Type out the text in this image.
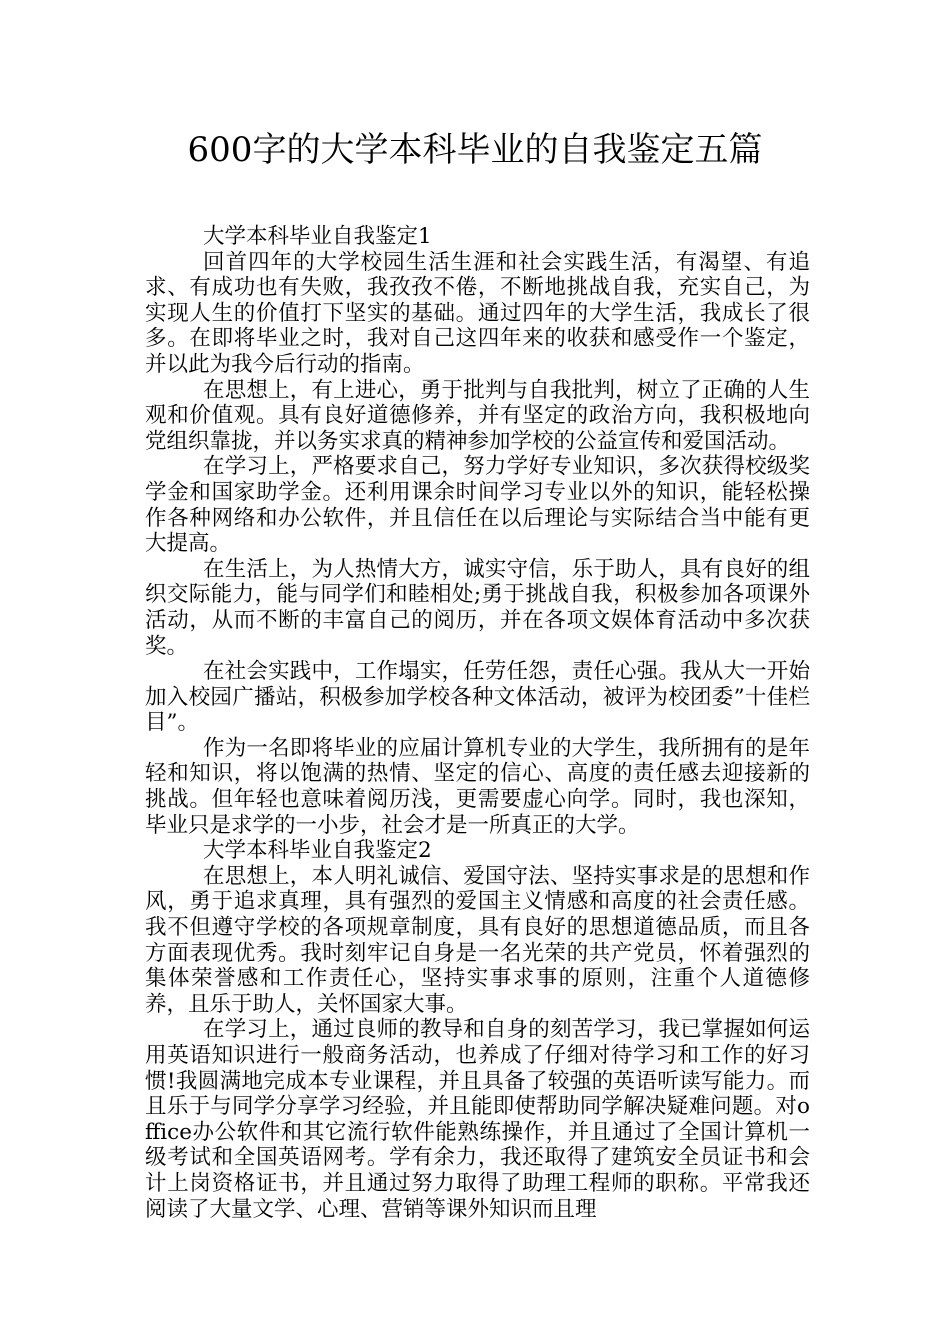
600字的大学本科毕业的自我鉴定五篇

大学本科毕业自我鉴定1

回首四年的大学校园生活生涯和社会实践生活，有渴望、有追求、有成功也有失败，我孜孜不倦，不断地挑战自我，充实自己，为实现人生的价值打下坚实的基础。通过四年的大学生活，我成长了很多。在即将毕业之时，我对自己这四年来的收获和感受作一个鉴定，并以此为我今后行动的指南。

在思想上，有上进心，勇于批判与自我批判，树立了正确的人生观和价值观。具有良好道德修养，并有坚定的政治方向，我积极地向党组织靠拢，并以务实求真的精神参加学校的公益宣传和爱国活动。

在学习上，严格要求自己，努力学好专业知识，多次获得校级奖学金和国家助学金。还利用课余时间学习专业以外的知识，能轻松操作各种网络和办公软件，并且信任在以后理论与实际结合当中能有更大提高。

在生活上，为人热情大方，诚实守信，乐于助人，具有良好的组织交际能力，能与同学们和睦相处;勇于挑战自我，积极参加各项课外活动，从而不断的丰富自己的阅历，并在各项文娱体育活动中多次获奖。

在社会实践中，工作塌实，任劳任怨，责任心强。我从大一开始加入校园广播站，积极参加学校各种文体活动，被评为校团委”十佳栏目”。

作为一名即将毕业的应届计算机专业的大学生，我所拥有的是年轻和知识，将以饱满的热情、坚定的信心、高度的责任感去迎接新的挑战。但年轻也意味着阅历浅，更需要虚心向学。同时，我也深知，毕业只是求学的一小步，社会才是一所真正的大学。

大学本科毕业自我鉴定2

在思想上，本人明礼诚信、爱国守法、坚持实事求是的思想和作风，勇于追求真理，具有强烈的爱国主义情感和高度的社会责任感。我不但遵守学校的各项规章制度，具有良好的思想道德品质，而且各方面表现优秀。我时刻牢记自身是一名光荣的共产党员，怀着强烈的集体荣誉感和工作责任心，坚持实事求事的原则，注重个人道德修养，且乐于助人，关怀国家大事。

在学习上，通过良师的教导和自身的刻苦学习，我已掌握如何运用英语知识进行一般商务活动，也养成了仔细对待学习和工作的好习惯!我圆满地完成本专业课程，并且具备了较强的英语听读写能力。而且乐于与同学分享学习经验，并且能即使帮助同学解决疑难问题。对office办公软件和其它流行软件能熟练操作，并且通过了全国计算机一级考试和全国英语网考。学有余力，我还取得了建筑安全员证书和会计上岗资格证书，并且通过努力取得了助理工程师的职称。平常我还阅读了大量文学、心理、营销等课外知识而且理
